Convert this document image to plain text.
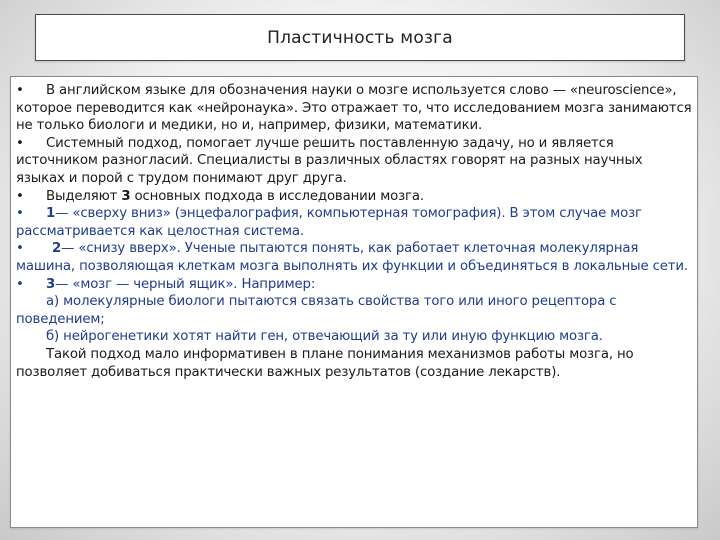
Пластичность мозга

• В английском языке для обозначения науки о мозге используется слово — «neuroscience», которое переводится как «нейронаука». Это отражает то, что исследованием мозга занимаются не только биологи и медики, но и, например, физики, математики.

• Системный подход, помогает лучше решить поставленную задачу, но и является источником разногласий. Специалисты в различных областях говорят на разных научных языках и порой с трудом понимают друг друга.

• Выделяют 3 основных подхода в исследовании мозга.

• 1— «сверху вниз» (энцефалография, компьютерная томография). В этом случае мозг рассматривается как целостная система.

• 2— «снизу вверх». Ученые пытаются понять, как работает клеточная молекулярная машина, позволяющая клеткам мозга выполнять их функции и объединяться в локальные сети.

• 3— «мозг — черный ящик». Например:

а) молекулярные биологи пытаются связать свойства того или иного рецептора с поведением;

б) нейрогенетики хотят найти ген, отвечающий за ту или иную функцию мозга.

Такой подход мало информативен в плане понимания механизмов работы мозга, но позволяет добиваться практически важных результатов (создание лекарств).
